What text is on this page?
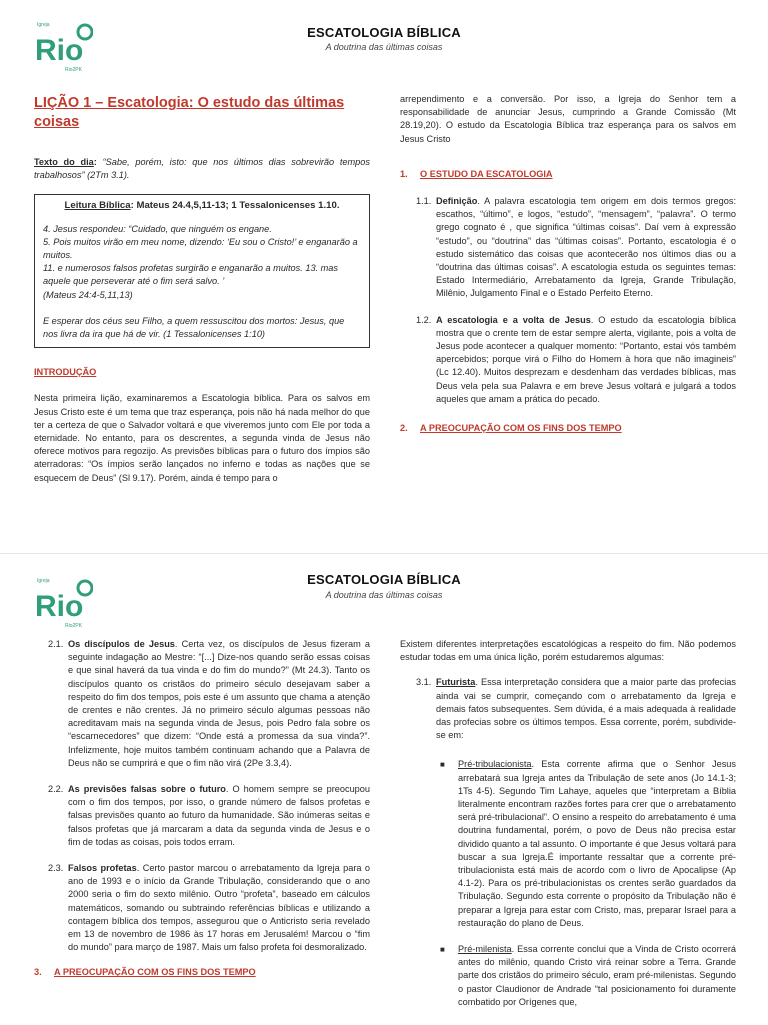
Igreja
Rio
Rio2PK
ESCATOLOGIA BÍBLICA
A doutrina das últimas coisas
LIÇÃO 1 – Escatologia: O estudo das últimas coisas

Texto do dia: “Sabe, porém, isto: que nos últimos dias sobrevirão tempos trabalhosos” (2Tm 3.1).

Leitura Bíblica: Mateus 24.4,5,11-13; 1 Tessalonicenses 1.10.

4. Jesus respondeu: “Cuidado, que ninguém os engane.

5. Pois muitos virão em meu nome, dizendo: ‘Eu sou o Cristo!’ e enganarão a muitos.

11. e numerosos falsos profetas surgirão e enganarão a muitos. 13. mas aquele que perseverar até o fim será salvo. ’

(Mateus 24:4-5,11,13)

E esperar dos céus seu Filho, a quem ressuscitou dos mortos: Jesus, que nos livra da ira que há de vir. (1 Tessalonicenses 1:10)

INTRODUÇÃO

Nesta primeira lição, examinaremos a Escatologia bíblica. Para os salvos em Jesus Cristo este é um tema que traz esperança, pois não há nada melhor do que ter a certeza de que o Salvador voltará e que viveremos junto com Ele por toda a eternidade. No entanto, para os descrentes, a segunda vinda de Jesus não oferece motivos para regozijo. As previsões bíblicas para o futuro dos ímpios são aterradoras: “Os ímpios serão lançados no inferno e todas as nações que se esquecem de Deus” (Sl 9.17). Porém, ainda é tempo para o

arrependimento e a conversão. Por isso, a Igreja do Senhor tem a responsabilidade de anunciar Jesus, cumprindo a Grande Comissão (Mt 28.19,20). O estudo da Escatologia Bíblica traz esperança para os salvos em Jesus Cristo

1.	O ESTUDO DA ESCATOLOGIA
1.1. Definição. A palavra escatologia tem origem em dois termos gregos: escathos, “último”, e logos, “estudo”, “mensagem”, “palavra”. O termo grego cognato é , que significa “últimas coisas”. Daí vem à expressão “estudo”, ou “doutrina” das “últimas coisas”. Portanto, escatologia é o estudo sistemático das coisas que acontecerão nos últimos dias ou a “doutrina das últimas coisas”. A escatologia estuda os seguintes temas: Estado Intermediário, Arrebatamento da Igreja, Grande Tribulação, Milênio, Julgamento Final e o Estado Perfeito Eterno.
1.2. A escatologia e a volta de Jesus. O estudo da escatologia bíblica mostra que o crente tem de estar sempre alerta, vigilante, pois a volta de Jesus pode acontecer a qualquer momento: “Portanto, estai vós também apercebidos; porque virá o Filho do Homem à hora que não imagineis” (Lc 12.40). Muitos desprezam e desdenham das verdades bíblicas, mas Deus vela pela sua Palavra e em breve Jesus voltará e julgará a todos aqueles que amam a prática do pecado.
2.	A PREOCUPAÇÃO COM OS FINS DOS TEMPO
Igreja
Rio
Rio2PK
ESCATOLOGIA BÍBLICA
A doutrina das últimas coisas
2.1. Os discípulos de Jesus. Certa vez, os discípulos de Jesus fizeram a seguinte indagação ao Mestre: “[...] Dize-nos quando serão essas coisas e que sinal haverá da tua vinda e do fim do mundo?” (Mt 24.3). Tanto os discípulos quanto os cristãos do primeiro século desejavam saber a respeito do fim dos tempos, pois este é um assunto que chama a atenção de crentes e não crentes. Já no primeiro século algumas pessoas não acreditavam mais na segunda vinda de Jesus, pois Pedro fala sobre os “escarnecedores” que dizem: “Onde está a promessa da sua vinda?”. Infelizmente, hoje muitos também continuam achando que a Palavra de Deus não se cumprirá e que o fim não virá (2Pe 3.3,4).
2.2. As previsões falsas sobre o futuro. O homem sempre se preocupou com o fim dos tempos, por isso, o grande número de falsos profetas e falsas previsões quanto ao futuro da humanidade. São inúmeras seitas e falsos profetas que já marcaram a data da segunda vinda de Jesus e o fim de todas as coisas, pois todos erram.
2.3. Falsos profetas. Certo pastor marcou o arrebatamento da Igreja para o ano de 1993 e o início da Grande Tribulação, considerando que o ano 2000 seria o fim do sexto milênio. Outro “profeta”, baseado em cálculos matemáticos, somando ou subtraindo referências bíblicas e utilizando a contagem bíblica dos tempos, assegurou que o Anticristo seria revelado em 13 de novembro de 1986 às 17 horas em Jerusalém! Marcou o “fim do mundo” para março de 1987. Mais um falso profeta foi desmoralizado.
3.	A PREOCUPAÇÃO COM OS FINS DOS TEMPO

Existem diferentes interpretações escatológicas a respeito do fim. Não podemos estudar todas em uma única lição, porém estudaremos algumas:

3.1. Futurista. Essa interpretação considera que a maior parte das profecias ainda vai se cumprir, começando com o arrebatamento da Igreja e demais fatos subsequentes. Sem dúvida, é a mais adequada à realidade das profecias sobre os últimos tempos. Essa corrente, porém, subdivide-se em:
■	Pré-tribulacionista. Esta corrente afirma que o Senhor Jesus arrebatará sua Igreja antes da Tribulação de sete anos (Jo 14.1-3; 1Ts 4-5). Segundo Tim Lahaye, aqueles que “interpretam a Bíblia literalmente encontram razões fortes para crer que o arrebatamento será pré-tribulacional”. O ensino a respeito do arrebatamento é uma doutrina fundamental, porém, o povo de Deus não precisa estar dividido quanto a tal assunto. O importante é que Jesus voltará para buscar a sua Igreja.É importante ressaltar que a corrente pré-tribulacionista está mais de acordo com o livro de Apocalipse (Ap 4.1-2). Para os pré-tribulacionistas os crentes serão guardados da Tribulação. Segundo esta corrente o propósito da Tribulação não é preparar a Igreja para estar com Cristo, mas, preparar Israel para a restauração do plano de Deus.
■	Pré-milenista. Essa corrente conclui que a Vinda de Cristo ocorrerá antes do milênio, quando Cristo virá reinar sobre a Terra. Grande parte dos cristãos do primeiro século, eram pré-milenistas. Segundo o pastor Claudionor de Andrade “tal posicionamento foi duramente combatido por Orígenes que,
